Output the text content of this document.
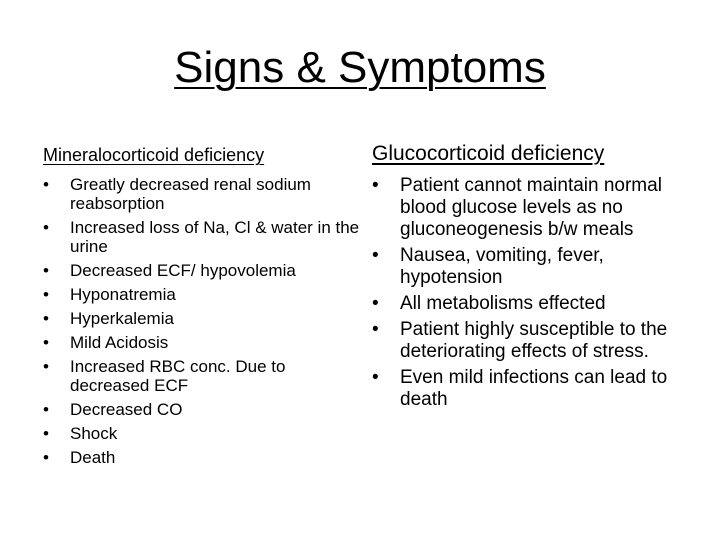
Signs & Symptoms
Mineralocorticoid deficiency
• Greatly decreased renal sodium reabsorption
• Increased loss of Na, Cl & water in the urine
• Decreased ECF/ hypovolemia
• Hyponatremia
• Hyperkalemia
• Mild Acidosis
• Increased RBC conc. Due to decreased ECF
• Decreased CO
• Shock
• Death
Glucocorticoid deficiency
• Patient cannot maintain normal blood glucose levels as no gluconeogenesis b/w meals
• Nausea, vomiting, fever, hypotension
• All metabolisms effected
• Patient highly susceptible to the deteriorating effects of stress.
• Even mild infections can lead to death
